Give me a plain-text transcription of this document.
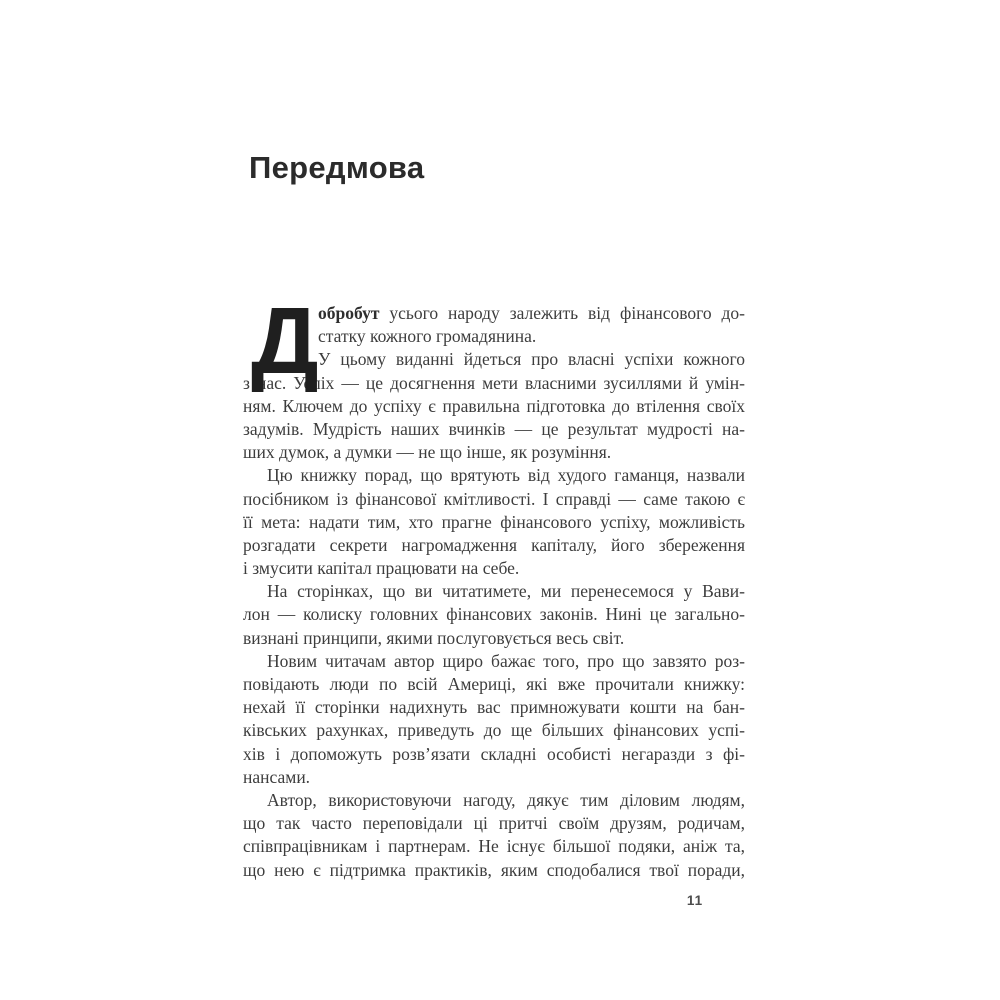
Передмова
Д обробут усього народу залежить від фінансового до-
статку кожного громадянина.
У цьому виданні йдеться про власні успіхи кожного
з нас. Успіх — це досягнення мети власними зусиллями й умін-
ням. Ключем до успіху є правильна підготовка до втілення своїх
задумів. Мудрість наших вчинків — це результат мудрості на-
ших думок, а думки — не що інше, як розуміння.
Цю книжку порад, що врятують від худого гаманця, назвали
посібником із фінансової кмітливості. І справді — саме такою є
її мета: надати тим, хто прагне фінансового успіху, можливість
розгадати секрети нагромадження капіталу, його збереження
і змусити капітал працювати на себе.
На сторінках, що ви читатимете, ми перенесемося у Вави-
лон — колиску головних фінансових законів. Нині це загально-
визнані принципи, якими послуговується весь світ.
Новим читачам автор щиро бажає того, про що завзято роз-
повідають люди по всій Америці, які вже прочитали книжку:
нехай її сторінки надихнуть вас примножувати кошти на бан-
ківських рахунках, приведуть до ще більших фінансових успі-
хів і допоможуть розв’язати складні особисті негаразди з фі-
нансами.
Автор, використовуючи нагоду, дякує тим діловим людям,
що так часто переповідали ці притчі своїм друзям, родичам,
співпрацівникам і партнерам. Не існує більшої подяки, аніж та,
що нею є підтримка практиків, яким сподобалися твої поради,
11
